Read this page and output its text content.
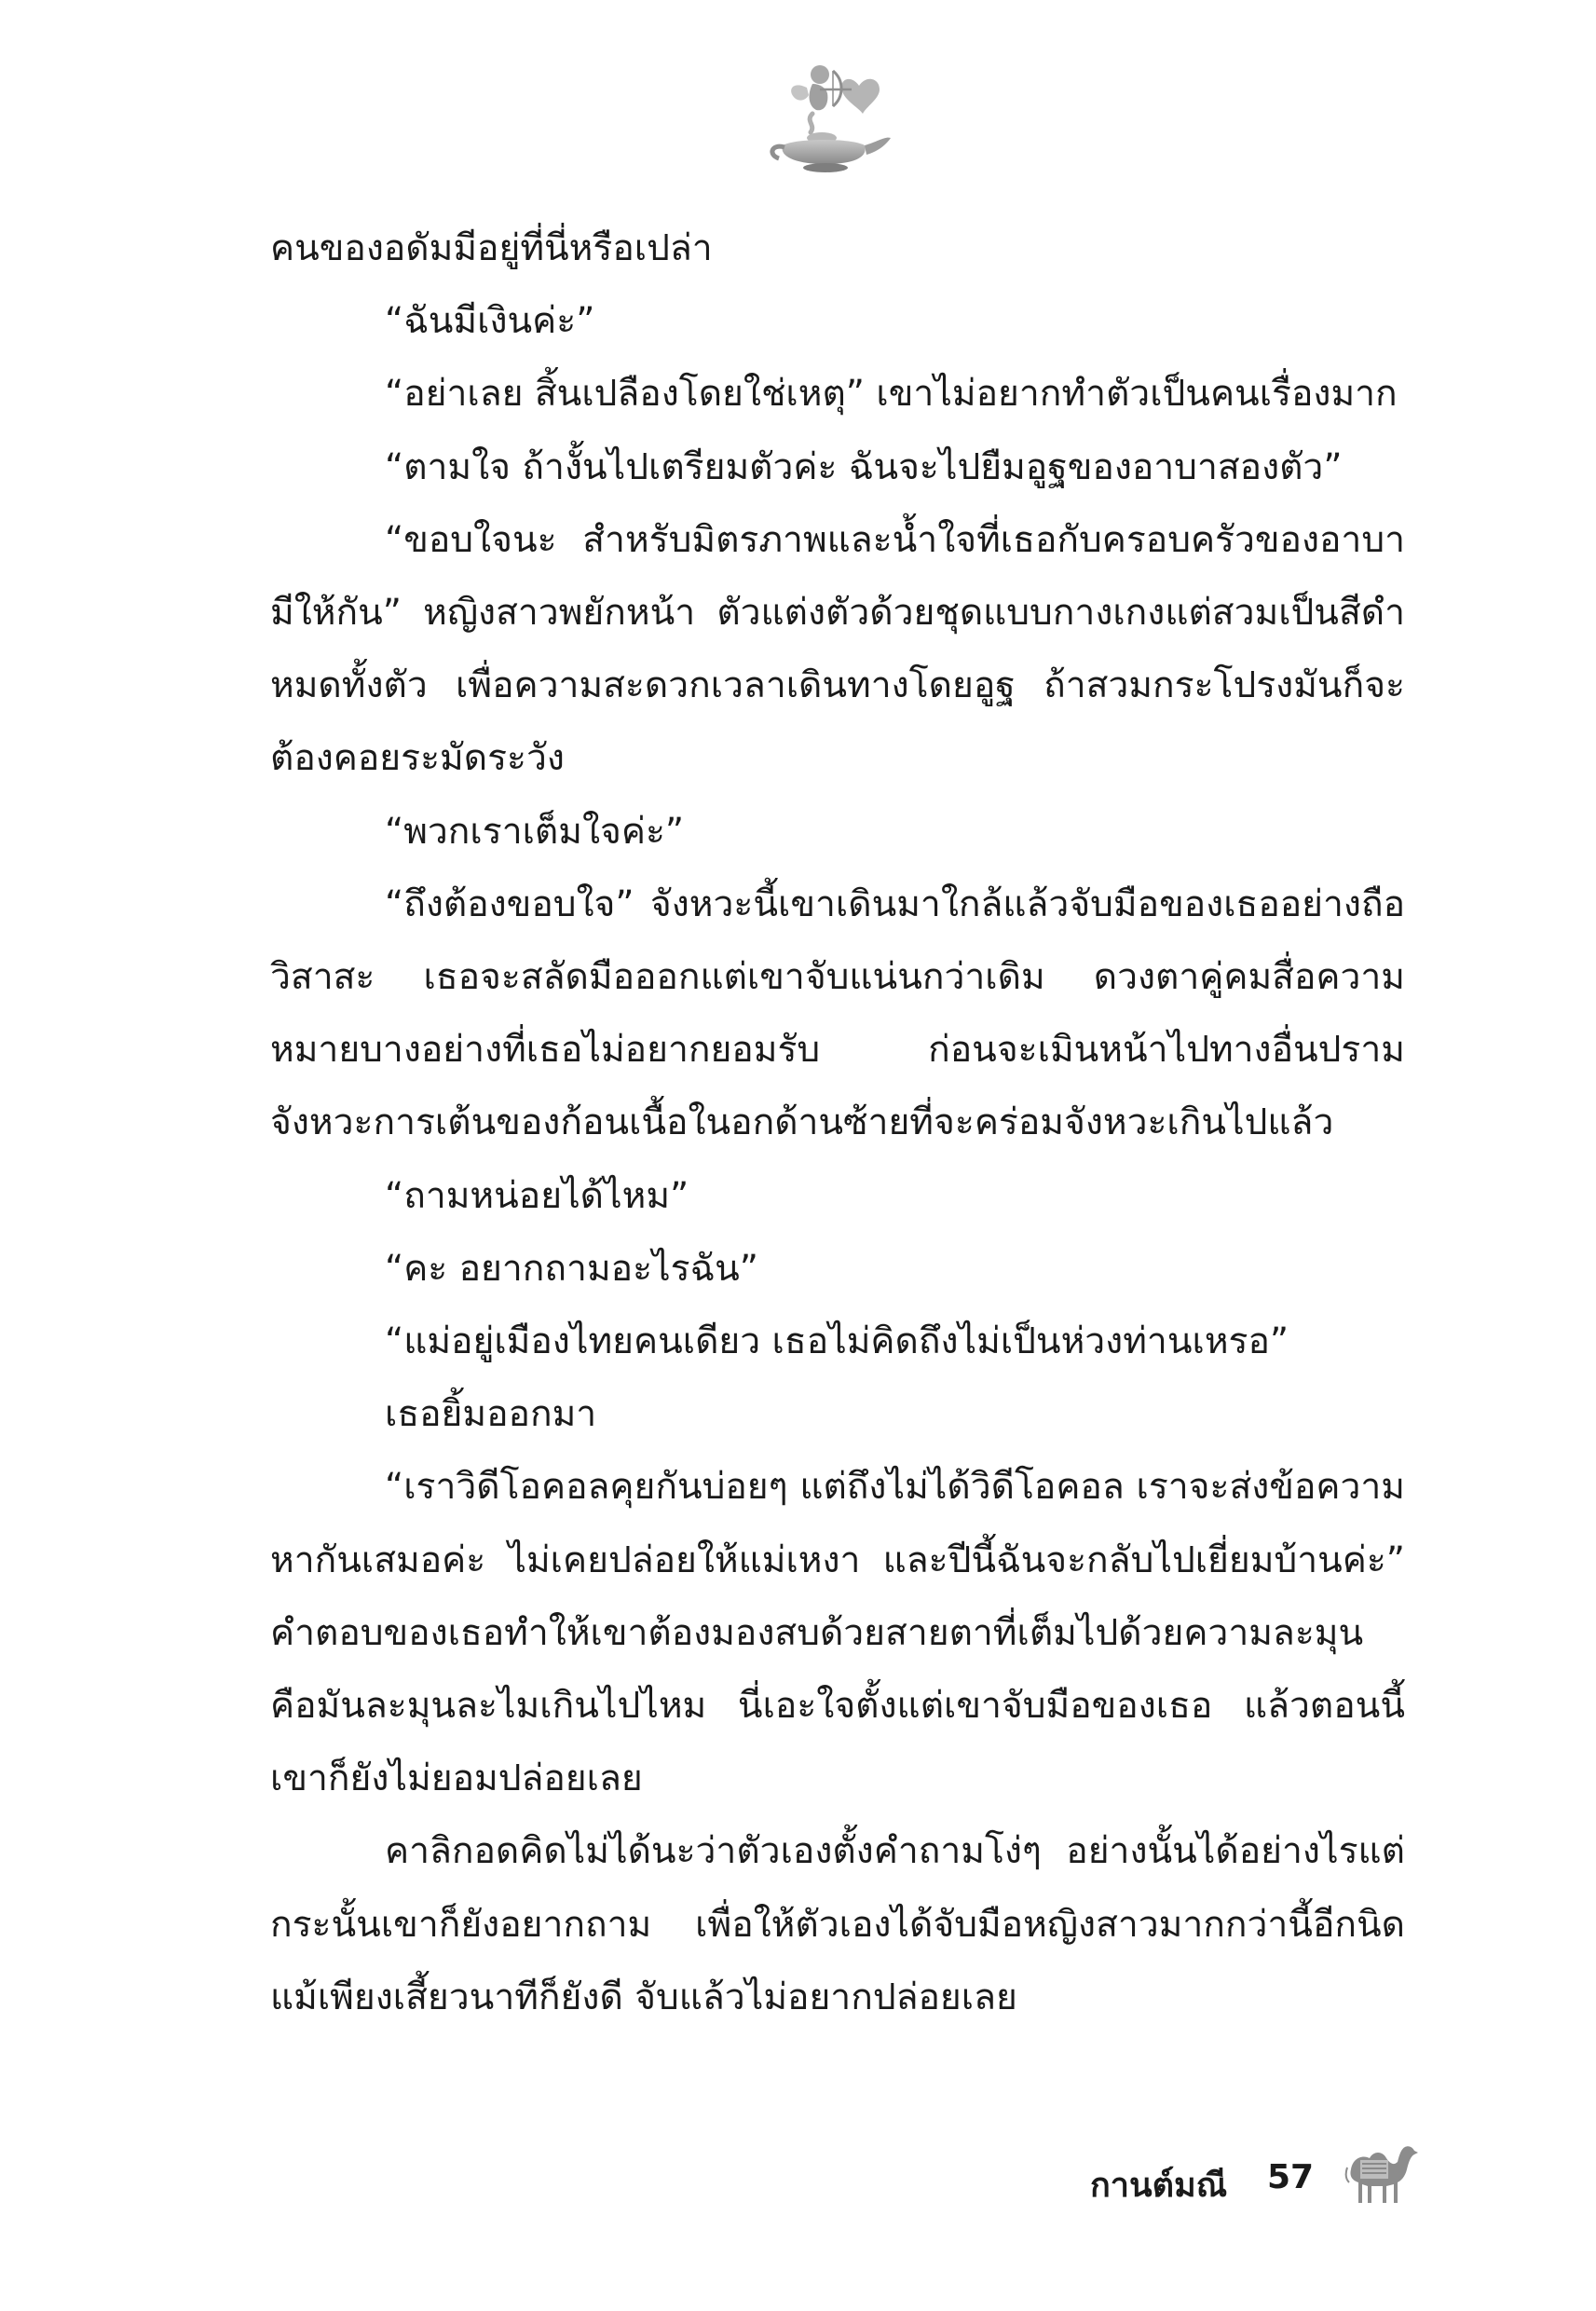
คนของอดัมมีอยู่ที่นี่หรือเปล่า

“ฉันมีเงินค่ะ”

“อย่าเลย สิ้นเปลืองโดยใช่เหตุ” เขาไม่อยากทำตัวเป็นคนเรื่องมาก

“ตามใจ ถ้างั้นไปเตรียมตัวค่ะ ฉันจะไปยืมอูฐของอาบาสองตัว”

“ขอบใจนะ สำหรับมิตรภาพและน้ำใจที่เธอกับครอบครัวของอาบามีให้กัน” หญิงสาวพยักหน้า ตัวแต่งตัวด้วยชุดแบบกางเกงแต่สวมเป็นสีดำหมดทั้งตัว เพื่อความสะดวกเวลาเดินทางโดยอูฐ ถ้าสวมกระโปรงมันก็จะต้องคอยระมัดระวัง

“พวกเราเต็มใจค่ะ”

“ถึงต้องขอบใจ” จังหวะนี้เขาเดินมาใกล้แล้วจับมือของเธออย่างถือวิสาสะ เธอจะสลัดมือออกแต่เขาจับแน่นกว่าเดิม ดวงตาคู่คมสื่อความหมายบางอย่างที่เธอไม่อยากยอมรับ ก่อนจะเมินหน้าไปทางอื่นปรามจังหวะการเต้นของก้อนเนื้อในอกด้านซ้ายที่จะคร่อมจังหวะเกินไปแล้ว

“ถามหน่อยได้ไหม”

“คะ อยากถามอะไรฉัน”

“แม่อยู่เมืองไทยคนเดียว เธอไม่คิดถึงไม่เป็นห่วงท่านเหรอ”

เธอยิ้มออกมา

“เราวิดีโอคอลคุยกันบ่อยๆ แต่ถึงไม่ได้วิดีโอคอล เราจะส่งข้อความหากันเสมอค่ะ ไม่เคยปล่อยให้แม่เหงา และปีนี้ฉันจะกลับไปเยี่ยมบ้านค่ะ” คำตอบของเธอทำให้เขาต้องมองสบด้วยสายตาที่เต็มไปด้วยความละมุน คือมันละมุนละไมเกินไปไหม นี่เอะใจตั้งแต่เขาจับมือของเธอ แล้วตอนนี้เขาก็ยังไม่ยอมปล่อยเลย

คาลิกอดคิดไม่ได้นะว่าตัวเองตั้งคำถามโง่ๆ อย่างนั้นได้อย่างไรแต่กระนั้นเขาก็ยังอยากถาม เพื่อให้ตัวเองได้จับมือหญิงสาวมากกว่านี้อีกนิด แม้เพียงเสี้ยวนาทีก็ยังดี จับแล้วไม่อยากปล่อยเลย

กานต์มณี 57
